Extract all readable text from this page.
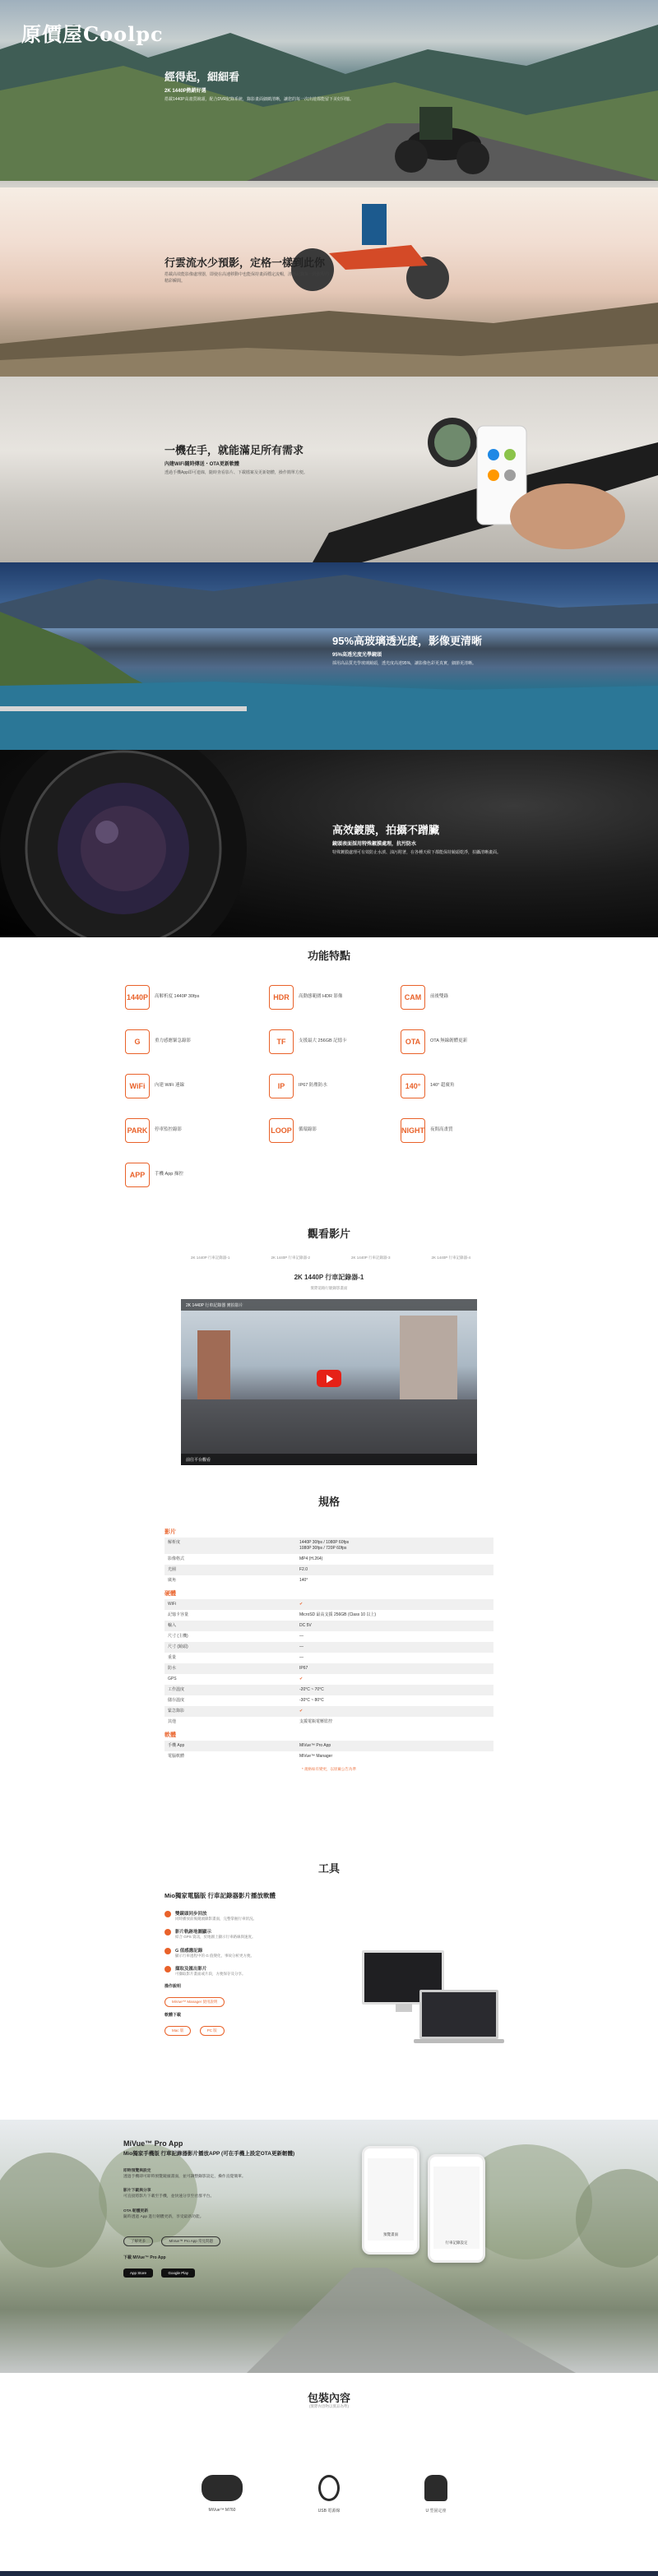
原價屋Coolpc
經得起，細細看
2K 1440P熱銷好選
搭載1440P高畫質鏡頭，配合DVR紀錄系統，錄影畫面細緻清晰，讓您的每一次出遊都能留下美好回憶。
行雲流水少預影，定格一樣到此你
搭載高效能影像處理器，即使在高速移動中也能保持畫面穩定流暢，清晰記錄每一段旅程的精彩瞬間。
一機在手，就能滿足所有需求
內建WiFi隨時傳送・OTA更新軟體
透過手機App即可連線，隨時查看影片、下載檔案及更新韌體，操作簡單方便。
95%高玻璃透光度，影像更清晰
95%高透光度光學鏡頭
採用高品質光學玻璃鏡頭，透光度高達95%，讓影像色彩更真實，細節更清晰。
高效鍍膜，拍攝不蹭臟
鏡頭表面採用特殊鍍膜處理，抗污防水
特殊鍍膜處理可有效防止水漬、油污附著，在各種天候下都能保持鏡頭乾淨，拍攝清晰畫面。
功能特點
1440P	高解析度 1440P 30fps	HDR	高動態範圍 HDR 影像	CAM	前後雙錄
G	重力感應緊急錄影	TF	支援最大 256GB 記憶卡	OTA	OTA 無線韌體更新
WiFi	內建 WiFi 連線	IP	IP67 防塵防水	140°	140° 超廣角
PARK	停車監控錄影	LOOP	循環錄影	NIGHT 夜間高畫質
APP	手機 App 操控
觀看影片
2K 1440P 行車記錄器-1	2K 1440P 行車記錄器-2	2K 1440P 行車記錄器-3	2K 1440P 行車記錄器-4
2K 1440P 行車記錄器-1
實際道路行駛錄影畫面
2K 1440P 行車記錄器 實拍影片
前往平台觀看
規格
影片
解析度	1440P 30fps / 1080P 60fps
1080P 30fps / 720P 60fps
影像格式	MP4 (H.264)
光圈	F2.0
廣角	140°
硬體
WiFi	✔
記憶卡容量	MicroSD 最高支援 256GB (Class 10 以上)
輸入	DC 5V
尺寸 (主機)	—
尺寸 (鏡頭)	—
重量	—
防水	IP67
GPS	✔
工作溫度	-20°C ~ 70°C
儲存溫度	-30°C ~ 80°C
緊急錄影	✔
其他	支援電瓶電壓監控
軟體
手機 App	MiVue™ Pro App
電腦軟體	MiVue™ Manager
* 規格如有變更，以原廠公告為準
工具
Mio獨家電腦版 行車記錄器影片播放軟體
雙鏡頭同步回放
同時播放前後鏡頭錄影畫面，完整掌握行車狀況。
影片軌跡地圖顯示
結合 GPS 資訊，於地圖上顯示行車路線與速度。
G 值感應記錄
顯示行車過程中的 G 值變化，事故分析更方便。
擷取及匯出影片
可擷取影片畫面或片段，方便保存及分享。
操作說明
MiVue™ Manager 使用說明
軟體下載
Mac 版	PC 版
MiVue™ Pro App
Mio獨家手機版 行車記錄器影片播放APP (可在手機上設定OTA更新韌體)
即時預覽與設定
透過手機即可即時預覽鏡頭畫面，並可調整錄影設定，操作直覺簡單。
影片下載與分享
可直接將影片下載至手機，並快速分享至社群平台。
OTA 韌體更新
隨時透過 App 進行韌體更新，享受最新功能。
了解更多	MiVue™ Pro App 常見問題
下載 MiVue™ Pro App
App Store	Google Play
預覽畫面
行車記錄設定
包裝內容
(實際內容物以實品為準)
MiVue™ M760	USB 電源線	U 型固定座
